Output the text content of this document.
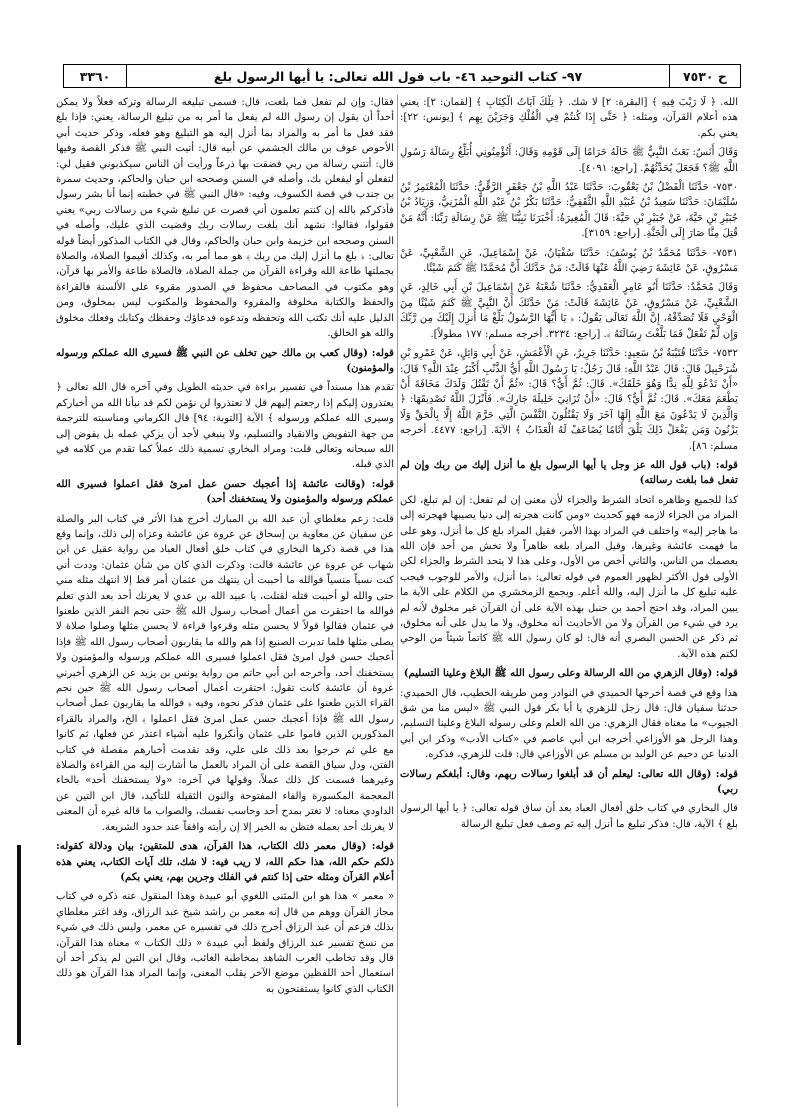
ح ٧٥٣٠
٩٧- كتاب التوحيد ٤٦- باب قول الله تعالى: يا أيها الرسول بلغ
٣٣٦٠

الله. ﴿ لَا رَيْبَ فِيهِ ﴾ [البقرة: ٢] لا شك. ﴿ تِلْكَ آيَاتُ الْكِتَابِ ﴾ [لقمان: ٢]: يعني هذه أعلام القرآن، ومثله: ﴿ حَتَّى إِذَا كُنتُمْ فِي الْفُلْكِ وَجَرَيْنَ بِهِم ﴾ [يونس: ٢٢]: يعني بكم.

وَقَالَ أَنَسٌ: بَعَثَ النَّبِيُّ ﷺ خَالَهُ حَرَامًا إِلَى قَوْمِهِ وَقَالَ: أَتُؤْمِنُونِي أُبَلِّغُ رِسَالَةَ رَسُولِ اللَّهِ ﷺ؟ فَجَعَلَ يُحَدِّثُهُمْ. [راجع: ٤٠٩١].

٧٥٣٠- حَدَّثَنَا الْفَضْلُ بْنُ يَعْقُوبَ: حَدَّثَنَا عَبْدُ اللَّهِ بْنُ جَعْفَرٍ الرَّقِّيُّ: حَدَّثَنَا الْمُعْتَمِرُ بْنُ سُلَيْمَانَ: حَدَّثَنَا سَعِيدُ بْنُ عُبَيْدِ اللَّهِ الثَّقَفِيُّ: حَدَّثَنَا بَكْرُ بْنُ عَبْدِ اللَّهِ الْمُزَنِيُّ، وَزِيَادُ بْنُ جُبَيْرِ بْنِ حَيَّةَ، عَنْ جُبَيْرِ بْنِ حَيَّةَ: قَالَ الْمُغِيرَةُ: أَخْبَرَنَا نَبِيُّنَا ﷺ عَنْ رِسَالَةِ رَبِّنَا: أَنَّهُ مَنْ قُتِلَ مِنَّا صَارَ إِلَى الْجَنَّةِ. [راجع: ٣١٥٩].

٧٥٣١- حَدَّثَنَا مُحَمَّدُ بْنُ يُوسُفَ: حَدَّثَنَا سُفْيَانُ، عَنْ إِسْمَاعِيلَ، عَنِ الشَّعْبِيِّ، عَنْ مَسْرُوقٍ، عَنْ عَائِشَةَ رَضِيَ اللَّهُ عَنْهَا قَالَتْ: مَنْ حَدَّثَكَ أَنَّ مُحَمَّدًا ﷺ كَتَمَ شَيْئًا.

وَقَالَ مُحَمَّدٌ: حَدَّثَنَا أَبُو عَامِرٍ الْعَقَدِيُّ: حَدَّثَنَا شُعْبَةُ عَنْ إِسْمَاعِيلَ بْنِ أَبِي خَالِدٍ، عَنِ الشَّعْبِيِّ، عَنْ مَسْرُوقٍ، عَنْ عَائِشَةَ قَالَتْ: مَنْ حَدَّثَكَ أَنَّ النَّبِيَّ ﷺ كَتَمَ شَيْئًا مِنَ الْوَحْيِ فَلَا تُصَدِّقْهُ، إِنَّ اللَّهَ تَعَالَى يَقُولُ: ﴿ يَا أَيُّهَا الرَّسُولُ بَلِّغْ مَا أُنزِلَ إِلَيْكَ مِن رَّبِّكَ وَإِن لَّمْ تَفْعَلْ فَمَا بَلَّغْتَ رِسَالَتَهُ ﴾. [راجع: ٣٢٣٤. أخرجه مسلم: ١٧٧ مطولاً].

٧٥٣٢- حَدَّثَنَا قُتَيْبَةُ بْنُ سَعِيدٍ: حَدَّثَنَا جَرِيرٌ، عَنِ الْأَعْمَشِ، عَنْ أَبِي وَائِلٍ، عَنْ عَمْرِو بْنِ شُرَحْبِيلَ قَالَ: قَالَ عَبْدُ اللَّهِ: قَالَ رَجُلٌ: يَا رَسُولَ اللَّهِ أَيُّ الذَّنْبِ أَكْبَرُ عِنْدَ اللَّهِ؟ قَالَ: «أَنْ تَدْعُوَ لِلَّهِ نِدًّا وَهُوَ خَلَقَكَ». قَالَ: ثُمَّ أَيٌّ؟ قَالَ: «ثُمَّ أَنْ تَقْتُلَ وَلَدَكَ مَخَافَةَ أَنْ يَطْعَمَ مَعَكَ». قَالَ: ثُمَّ أَيٌّ؟ قَالَ: «أَنْ تُزَانِيَ حَلِيلَةَ جَارِكَ». فَأَنْزَلَ اللَّهُ تَصْدِيقَهَا: ﴿ وَالَّذِينَ لَا يَدْعُونَ مَعَ اللَّهِ إِلَهًا آخَرَ وَلَا يَقْتُلُونَ النَّفْسَ الَّتِي حَرَّمَ اللَّهُ إِلَّا بِالْحَقِّ وَلَا يَزْنُونَ وَمَن يَفْعَلْ ذَلِكَ يَلْقَ أَثَامًا يُضَاعَفْ لَهُ الْعَذَابُ ﴾ الآيَةَ. [راجع: ٤٤٧٧. أخرجه مسلم: ٨٦].

قوله: (باب قول الله عز وجل يا أيها الرسول بلغ ما أنزل إليك من ربك وإن لم تفعل فما بلغت رسالته)

كذا للجميع وظاهره اتحاد الشرط والجزاء لأن معنى إن لم تفعل: إن لم تبلغ، لكن المراد من الجزاء لازمه فهو كحديث «ومن كانت هجرته إلى دنيا يصيبها فهجرته إلى ما هاجر إليه» واختلف في المراد بهذا الأمر، فقيل المراد بلغ كل ما أنزل، وهو على ما فهمت عائشة وغيرها، وقيل المراد بلغه ظاهراً ولا تخش من أحد فإن الله يعصمك من الناس، والثاني أخص من الأول، وعلى هذا لا يتحد الشرط والجزاء لكن الأولى قول الأكثر لظهور العموم في قوله تعالى: ﴿ما أنزل﴾ والأمر للوجوب فيجب عليه تبليغ كل ما أنزل إليه، والله أعلم. ويجمع الزمخشري من الكلام على الآية ما يبين المراد، وقد احتج أحمد بن حنبل بهذه الآية على أن القرآن غير مخلوق لأنه لم يرد في شيء من القرآن ولا من الأحاديث أنه مخلوق، ولا ما يدل على أنه مخلوق، ثم ذكر عن الحسن البصري أنه قال: لو كان رسول الله ﷺ كاتماً شيئاً من الوحي لكتم هذه الآية.

قوله: (وقال الزهري من الله الرسالة وعلى رسول الله ﷺ البلاغ وعلينا التسليم)

هذا وقع في قصة أخرجها الحميدي في النوادر ومن طريقه الخطيب، قال الحميدي: حدثنا سفيان قال: قال رجل للزهري يا أبا بكر قول النبي ﷺ «ليس منا من شق الجيوب» ما معناه فقال الزهري: من الله العلم وعلى رسوله البلاغ وعلينا التسليم، وهذا الرجل هو الأوزاعي أخرجه ابن أبي عاصم في «كتاب الأدب» وذكر ابن أبي الدنيا عن دحيم عن الوليد بن مسلم عن الأوزاعي قال: قلت للزهري، فذكره.

قوله: (وقال الله تعالى: ليعلم أن قد أبلغوا رسالات ربهم، وقال: أبلغكم رسالات ربي)

قال البخاري في كتاب خلق أفعال العباد بعد أن ساق قوله تعالى: ﴿ يا أيها الرسول بلغ ﴾ الآية، قال: فذكر تبليغ ما أنزل إليه ثم وصف فعل تبليغ الرسالة

فقال: وإن لم تفعل فما بلغت، قال: فسمى تبليغه الرسالة وتركه فعلاً ولا يمكن أحداً أن يقول إن رسول الله لم يفعل ما أمر به من تبليغ الرسالة، يعني: فإذا بلغ فقد فعل ما أمر به والمراد بما أنزل إليه هو التبليغ وهو فعله، وذكر حديث أبي الأحوص عوف بن مالك الجشمي عن أبيه قال: أتيت النبي ﷺ فذكر القصة وفيها قال: أتتني رسالة من ربي فضقت بها ذرعاً ورأيت أن الناس سيكذبوني فقيل لي: لتفعلن أو ليفعلن بك، وأصله في السنن وصححه ابن حبان والحاكم، وحديث سمرة بن جندب في قصة الكسوف، وفيه: «قال النبي ﷺ في خطبته إنما أنا بشر رسول فأذكركم بالله إن كنتم تعلمون أني قصرت عن تبليغ شيء من رسالات ربي» يعني فقولوا، فقالوا: نشهد أنك بلغت رسالات ربك وقضيت الذي عليك، وأصله في السنن وصححه ابن خزيمة وابن حبان والحاكم، وقال في الكتاب المذكور أيضاً قوله تعالى: ﴿ بلغ ما أنزل إليك من ربك ﴾ هو مما أمر به، وكذلك أقيموا الصلاة، والصلاة بجملتها طاعة الله وقراءة القرآن من جملة الصلاة، فالصلاة طاعة والأمر بها قرآن، وهو مكتوب في المصاحف محفوظ في الصدور مقروء على الألسنة فالقراءة والحفظ والكتابة مخلوقة والمقروء والمحفوظ والمكتوب ليس بمخلوق، ومن الدليل عليه أنك تكتب الله وتحفظه وتدعوه فدعاؤك وحفظك وكتابك وفعلك مخلوق والله هو الخالق.

قوله: (وقال كعب بن مالك حين تخلف عن النبي ﷺ فسيرى الله عملكم ورسوله والمؤمنون)

تقدم هذا مسنداً في تفسير براءة في حديثه الطويل وفي آخره قال الله تعالى ﴿ يعتذرون إليكم إذا رجعتم إليهم قل لا تعتذروا لن نؤمن لكم قد نبأنا الله من أخباركم وسيرى الله عملكم ورسوله ﴾ الآية [التوبة: ٩٤] قال الكرماني ومناسبته للترجمة من جهة التفويض والانقياد والتسليم، ولا ينبغي لأحد أن يزكي عمله بل يفوض إلى الله سبحانه وتعالى قلت: ومراد البخاري تسمية ذلك عملاً كما تقدم من كلامه في الذي قبله.

قوله: (وقالت عائشة إذا أعجبك حسن عمل امرئ فقل اعملوا فسيرى الله عملكم ورسوله والمؤمنون ولا يستخفنك أحد)

قلت: زعم مغلطاي أن عبد الله بن المبارك أخرج هذا الأثر في كتاب البر والصلة عن سفيان عن معاوية بن إسحاق عن عروة عن عائشة وعزاه إلى ذلك، وإنما وقع هذا في قصة ذكرها البخاري في كتاب خلق أفعال العباد من رواية عقيل عن ابن شهاب عن عروة عن عائشة قالت: وذكرت الذي كان من شأن عثمان: وددت أني كنت نسياً منسياً فوالله ما أحببت أن ينتهك من عثمان أمر قط إلا انتهك مثله مني حتى والله لو أحببت قتله لقتلت، يا عبيد الله بن عدي لا يغرنك أحد بعد الذي تعلم فوالله ما احتقرت من أعمال أصحاب رسول الله ﷺ حتى نجم النفر الذين طعنوا في عثمان فقالوا قولاً لا يحسن مثله وقرءوا قراءة لا يحسن مثلها وصلوا صلاة لا يصلى مثلها فلما تدبرت الصنيع إذا هم والله ما يقاربون أصحاب رسول الله ﷺ فإذا أعجبك حسن قول امرئ فقل اعملوا فسيرى الله عملكم ورسوله والمؤمنون ولا يستخفنك أحد، وأخرجه ابن أبي حاتم من رواية يونس بن يزيد عن الزهري أخبرني عروة أن عائشة كانت تقول: احتقرت أعمال أصحاب رسول الله ﷺ حين نجم القراء الذين طعنوا على عثمان فذكر نحوه، وفيه ﴿ فوالله ما يقاربون عمل أصحاب رسول الله ﷺ فإذا أعجبك حسن عمل امرئ فقل اعملوا ﴾ الخ، والمراد بالقراء المذكورين الذين قاموا على عثمان وأنكروا عليه أشياء اعتذر عن فعلها، ثم كانوا مع علي ثم خرجوا بعد ذلك على علي، وقد تقدمت أخبارهم مفصلة في كتاب الفتن، ودل سياق القصة على أن المراد بالعمل ما أشارت إليه من القراءة والصلاة وغيرهما فسمت كل ذلك عملاً، وقولها في آخره: «ولا يستخفنك أحد» بالخاء المعجمة المكسورة والفاء المفتوحة والنون الثقيلة للتأكيد، قال ابن التين عن الداودي معناه: لا تغتر بمدح أحد وحاسب نفسك، والصواب ما قاله غيره أن المعنى لا يغرنك أحد بعمله فتظن به الخير إلا إن رأيته واقفاً عند حدود الشريعة.

قوله: (وقال معمر ذلك الكتاب، هذا القرآن، هدى للمتقين: بيان ودلالة كقوله: ذلكم حكم الله، هذا حكم الله، لا ريب فيه: لا شك، تلك آيات الكتاب، يعني هذه أعلام القرآن ومثله حتى إذا كنتم في الفلك وجرين بهم، يعني بكم)

« معمر » هذا هو ابن المثنى اللغوي أبو عبيدة وهذا المنقول عنه ذكره في كتاب مجاز القرآن ووهم من قال إنه معمر بن راشد شيخ عبد الرزاق، وقد اغتر مغلطاي بذلك فزعم أن عبد الرزاق أخرج ذلك في تفسيره عن معمر، وليس ذلك في شيء من نسخ تفسير عبد الرزاق ولفظ أبي عبيدة « ذلك الكتاب » معناه هذا القرآن، قال وقد تخاطب العرب الشاهد بمخاطبة الغائب، وقال ابن التين لم يذكر أحد أن استعمال أحد اللفظين موضع الآخر يقلب المعنى، وإنما المراد هذا القرآن هو ذلك الكتاب الذي كانوا يستفتحون به
